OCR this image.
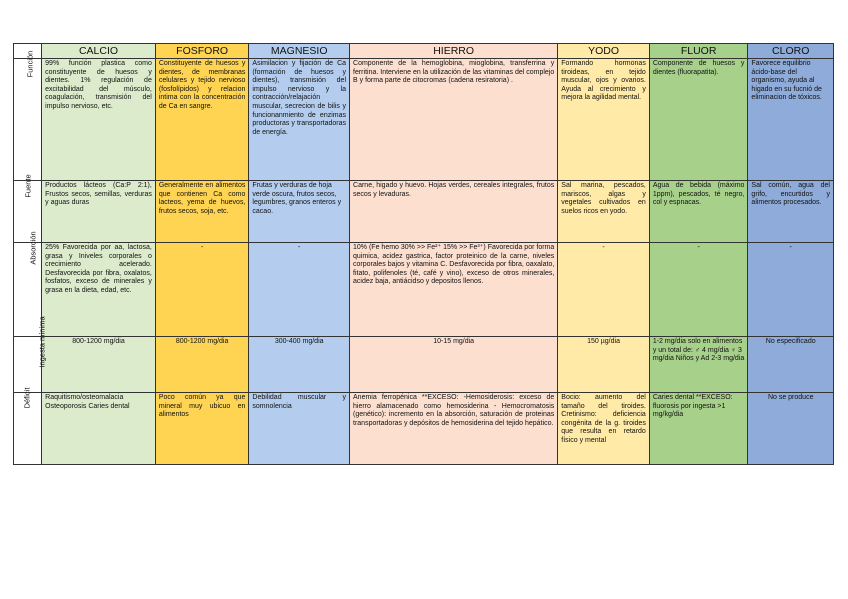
	CALCIO	FOSFORO	MAGNESIO	HIERRO	YODO	FLUOR	CLORO
Función	99% función plastica como constituyente de huesos y dientes. 1% regulación de excitabilidad del músculo, coagulación, transmisión del impulso nervioso, etc.	Constituyente de huesos y dientes, de membranas celulares y tejido nervioso (fosfolípidos) y relacion intima con la concentración de Ca en sangre.	Asimilacion y fijación de Ca (formación de huesos y dientes), transmisión del impulso nervioso y la contracción/relajación muscular, secrecion de bilis y funcionanmiento de enzimas productoras y transportadoras de energía.	Componente de la hemoglobina, mioglobina, transferrina y ferritina. Interviene en la utilización de las vitaminas del complejo B y forma parte de citocromas (cadena resiratoria) .	Formando hormonas tiroideas, en tejido muscular, ojos y ovarios. Ayuda al crecimiento y mejora la agilidad mental.	Componente de huesos y dientes (fluorapatita).	Favorece equilibrio ácido-base del organismo, ayuda al higado en su fucnió de eliminacion de tóxicos.
Fuente	Productos lácteos (Ca:P 2:1), Frustos secos, semillas, verduras y aguas duras	Generalmente en alimentos que contienen Ca como lacteos, yema de huevos, frutos secos, soja, etc.	Frutas y verduras de hoja verde oscura, frutos secos, legumbres, granos enteros y cacao.	Carne, higado y huevo. Hojas verdes, cereales integrales, frutos secos y levaduras.	Sal marina, pescados, mariscos, algas y vegetales cultivados en suelos ricos en yodo.	Agua de bebida (máximo 1ppm), pescados, té negro, col y espnacas.	Sal común, agua del grifo, encurtidos y alimentos procesados.
Absorción	25% Favorecida por aa, lactosa, grasa y Iniveles corporales o crecimiento acelerado. Desfavorecida por fibra, oxalatos, fosfatos, exceso de minerales y grasa en la dieta, edad, etc.	-	-	10% (Fe hemo 30% >> Fe²⁺ 15% >> Fe³⁺) Favorecida por forma quimica, acidez gastrica, factor proteinico de la carne, niveles corporales bajos y vitamina C. Desfavorecida por fibra, oaxalato, fitato, polifenoles (té, café y vino), exceso de otros minerales, acidez baja, antiácidso y depositos llenos.	-	-	-
Ingesta mínima	800-1200 mg/dia	800-1200 mg/dia	300-400 mg/dia	10-15 mg/dia	150 µg/dia	1-2 mg/dia solo en alimentos y un total de: ♂ 4 mg/dia ♀ 3 mg/dia Niños y Ad 2-3 mg/dia	No especificado
Déficit	Raquitismo/osteomalacia Osteoporosis Caries dental	Poco común ya que mineral muy ubicuo en alimentos	Debilidad muscular y somnolencia	Anemia ferropénica **EXCESO: -Hemosiderosis: exceso de hierro alamacenado como hemosiderina - Hemocromatosis (genético): incremento en la absorción, saturación de proteinas transportadoras y depósitos de hemosiderina del tejido hepático.	Bocio: aumento del tamaño del tiroides. Cretinismo: deficiencia congénita de la g. tiroides que resulta en retardo físico y mental	Caries dental **EXCESO: fluorosis por ingesta >1 mg/kg/dia	No se produce
